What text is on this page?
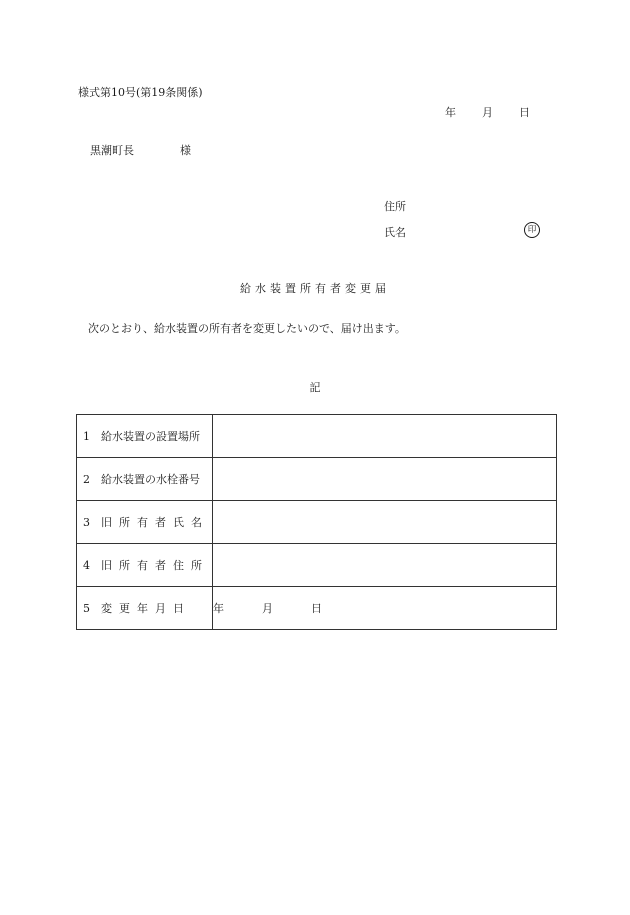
様式第10号(第19条関係)
年 月 日
黒潮町長	様
住所
氏名	印
給水装置所有者変更届
次のとおり、給水装置の所有者を変更したいので、届け出ます。
記
1 給水装置の設置場所	
2 給水装置の水栓番号	
3 旧所有者氏名	
4 旧所有者住所	
5 変更年月日	年 月 日
